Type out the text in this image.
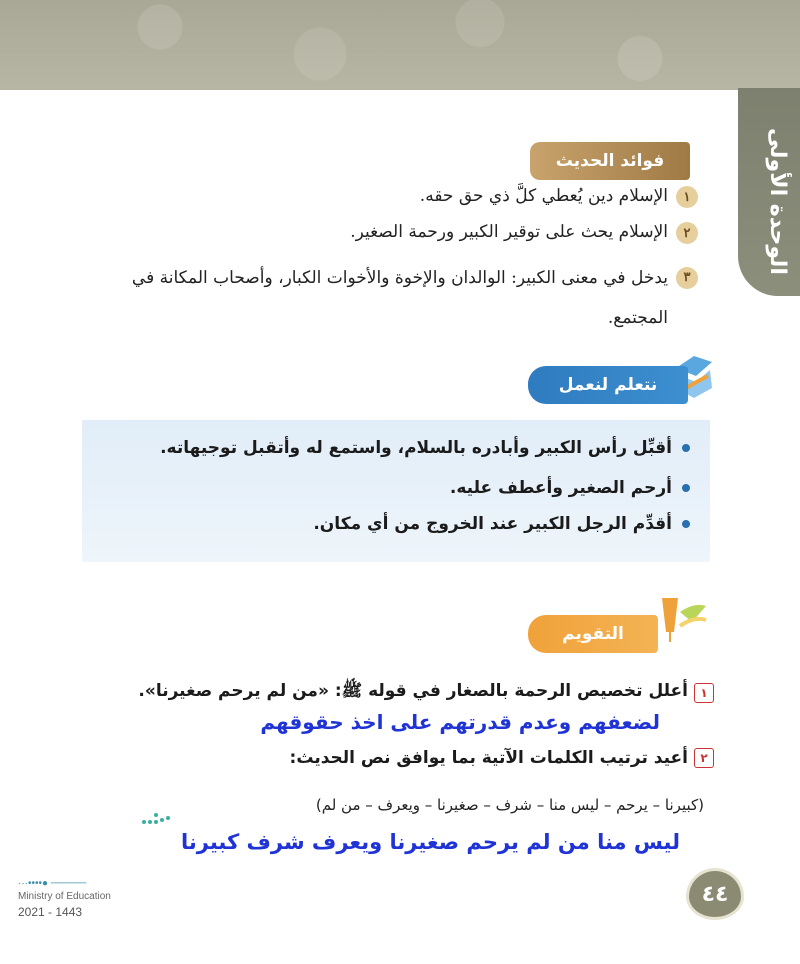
الوحدة الأولى
فوائد الحديث
١
الإسلام دين يُعطي كلَّ ذي حق حقه.
٢
الإسلام يحث على توقير الكبير ورحمة الصغير.
٣
يدخل في معنى الكبير: الوالدان والإخوة والأخوات الكبار، وأصحاب المكانة في المجتمع.
نتعلم لنعمل
أقبِّل رأس الكبير وأبادره بالسلام، واستمع له وأتقبل توجيهاته.
أرحم الصغير وأعطف عليه.
أقدِّم الرجل الكبير عند الخروج من أي مكان.
التقويم
١
أعلل تخصيص الرحمة بالصغار في قوله ﷺ: «من لم يرحم صغيرنا».
لضعفهم وعدم قدرتهم على اخذ حقوقهم
٢
أعيد ترتيب الكلمات الآتية بما يوافق نص الحديث:
(كبيرنا – يرحم – ليس منا – شرف – صغيرنا – ويعرف – من لم)
ليس منا من لم يرحم صغيرنا ويعرف شرف كبيرنا
٤٤
···••••● ─────
Ministry of Education
2021 - 1443
